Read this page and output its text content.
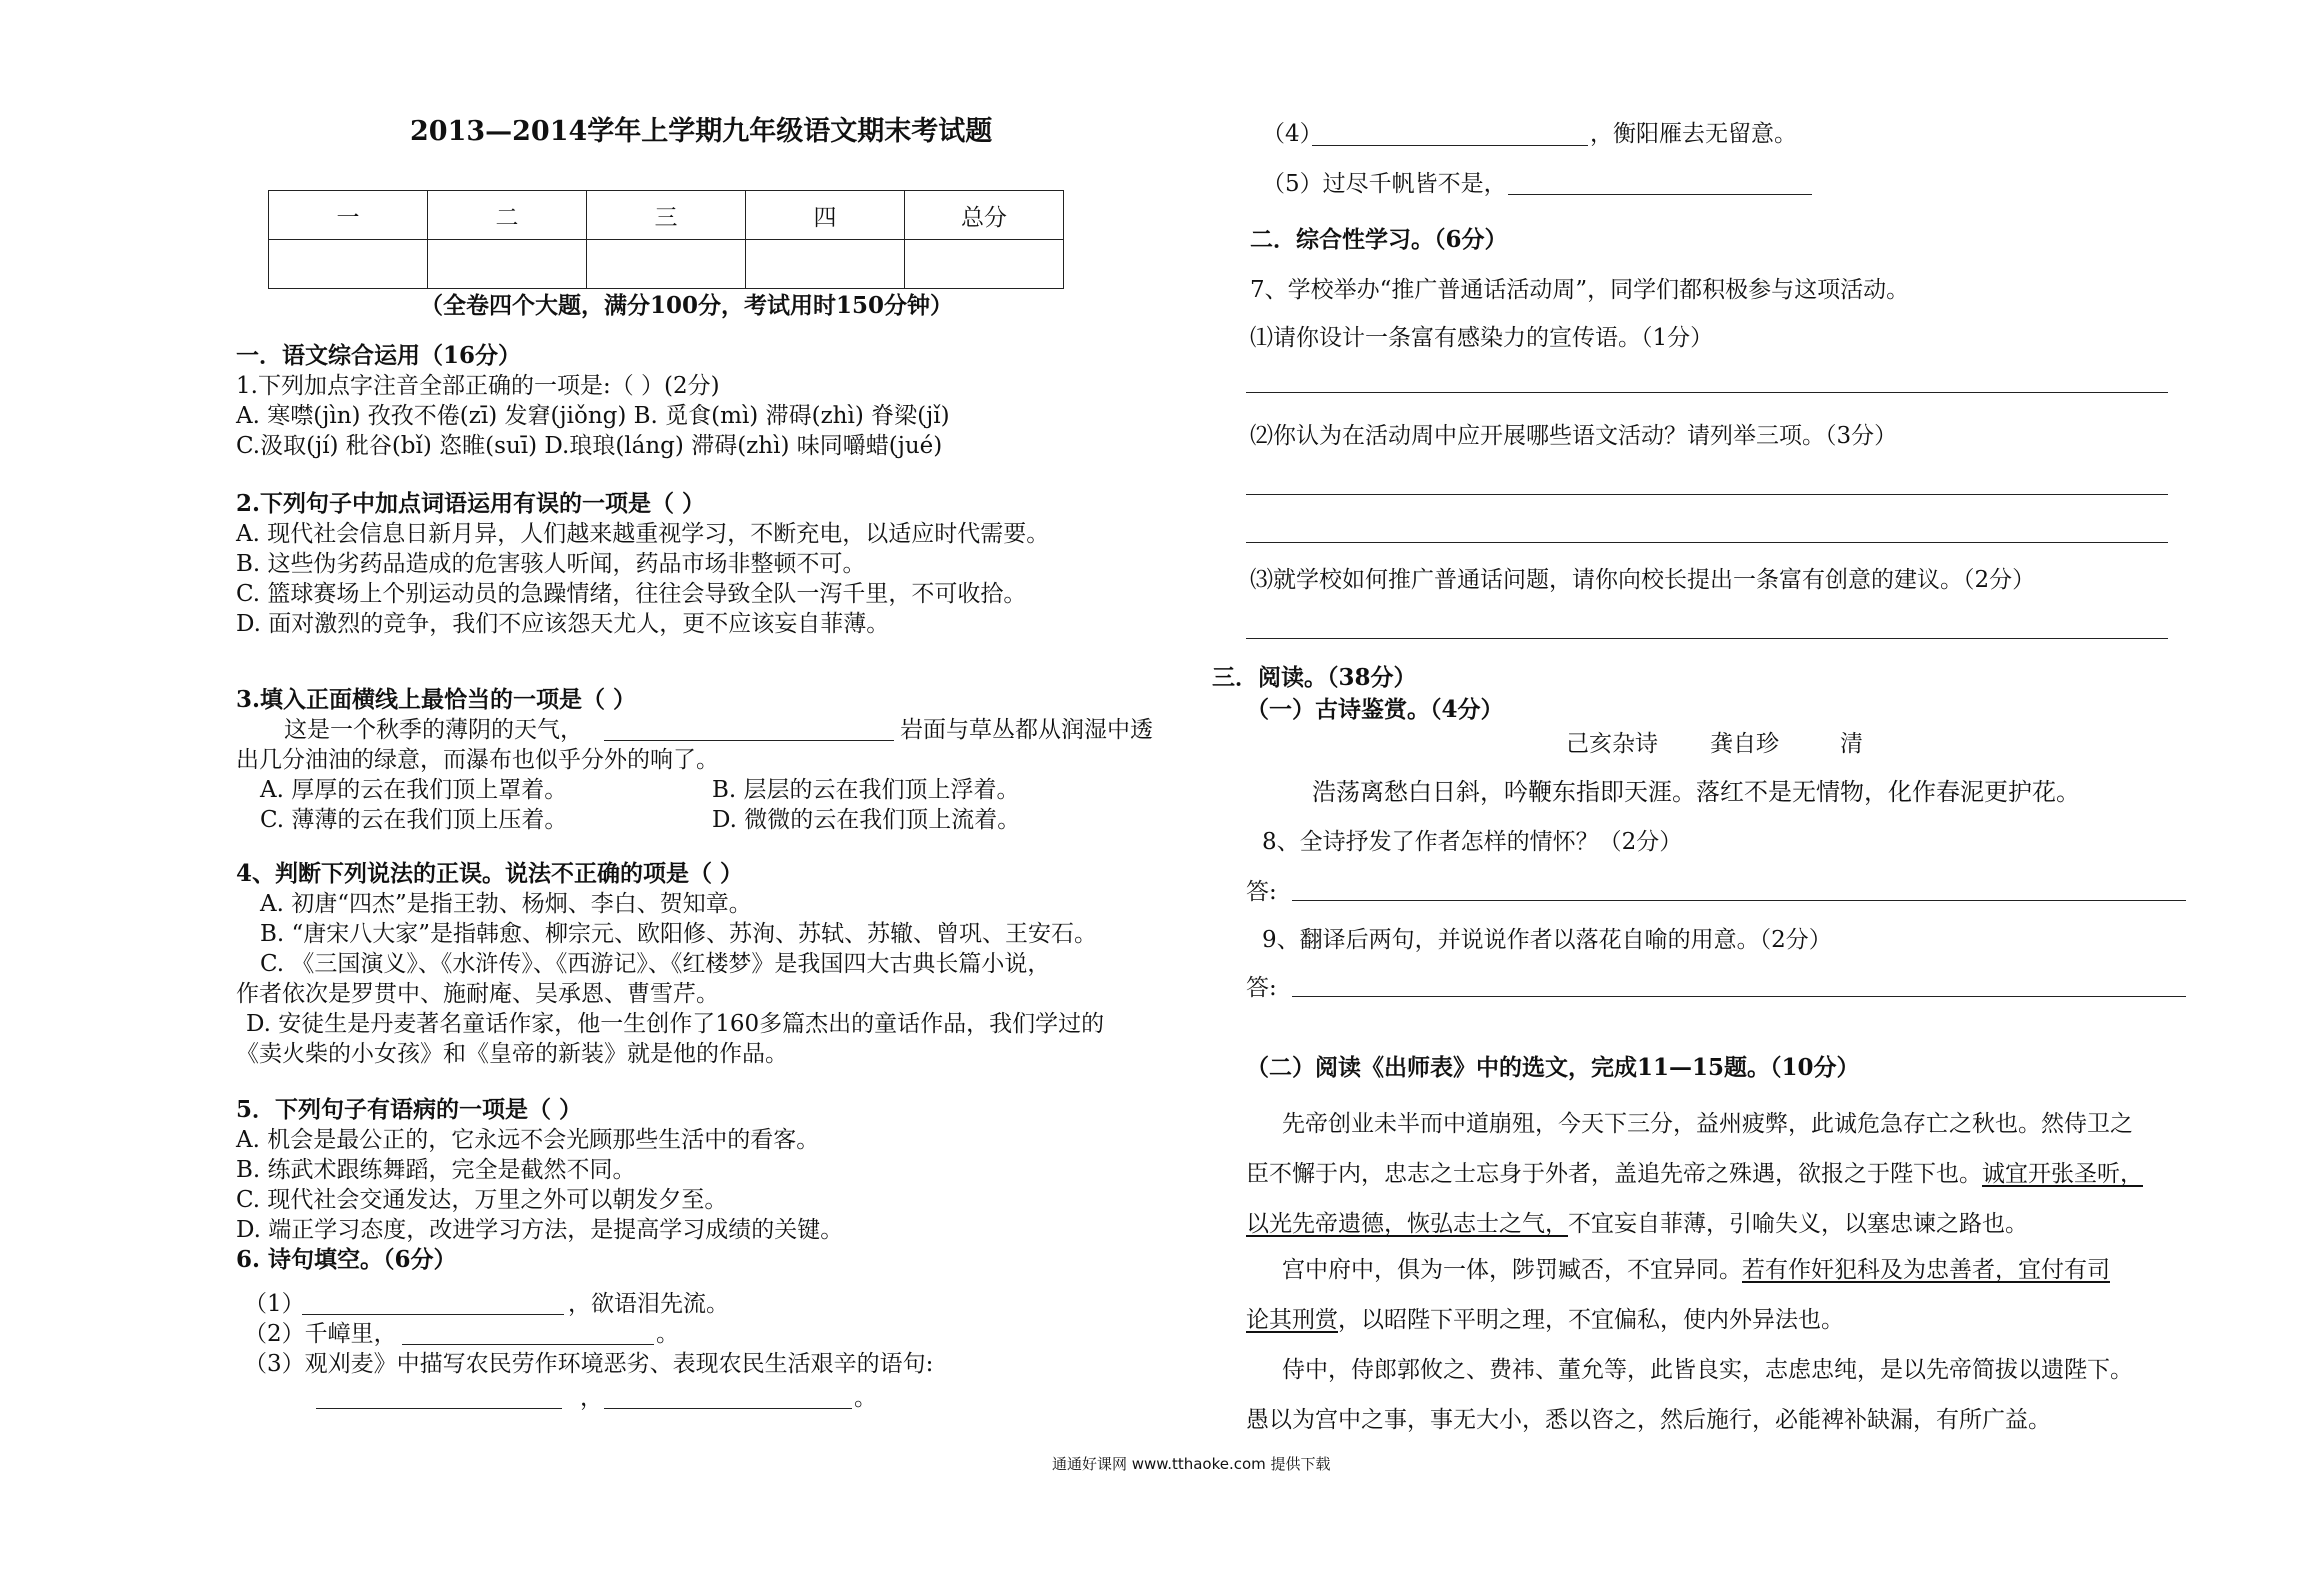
2013—2014学年上学期九年级语文期末考试题
一	二	三	四	总分

（全卷四个大题，满分100分，考试用时150分钟）
一．语文综合运用（16分）
1.下列加点字注音全部正确的一项是:（ ）(2分)
A. 寒噤(jìn) 孜孜不倦(zī) 发窘(jiǒng) B. 觅食(mì) 滞碍(zhì) 脊梁(jǐ)
C.汲取(jí) 秕谷(bǐ) 恣睢(suī) D.琅琅(láng) 滞碍(zhì) 味同嚼蜡(jué)
2.下列句子中加点词语运用有误的一项是（ ）
A. 现代社会信息日新月异，人们越来越重视学习，不断充电，以适应时代需要。
B. 这些伪劣药品造成的危害骇人听闻，药品市场非整顿不可。
C. 篮球赛场上个别运动员的急躁情绪，往往会导致全队一泻千里，不可收拾。
D. 面对激烈的竞争，我们不应该怨天尤人，更不应该妄自菲薄。
3.填入正面横线上最恰当的一项是（ ）
这是一个秋季的薄阴的天气，	岩面与草丛都从润湿中透
出几分油油的绿意，而瀑布也似乎分外的响了。
A. 厚厚的云在我们顶上罩着。	B. 层层的云在我们顶上浮着。
C. 薄薄的云在我们顶上压着。	D. 微微的云在我们顶上流着。
4、判断下列说法的正误。说法不正确的项是（ ）
A. 初唐“四杰”是指王勃、杨炯、李白、贺知章。
B. “唐宋八大家”是指韩愈、柳宗元、欧阳修、苏洵、苏轼、苏辙、曾巩、王安石。
C. 《三国演义》、《水浒传》、《西游记》、《红楼梦》是我国四大古典长篇小说，
作者依次是罗贯中、施耐庵、吴承恩、曹雪芹。
D. 安徒生是丹麦著名童话作家，他一生创作了160多篇杰出的童话作品，我们学过的
《卖火柴的小女孩》和《皇帝的新装》就是他的作品。
5．下列句子有语病的一项是（ ）
A. 机会是最公正的，它永远不会光顾那些生活中的看客。
B. 练武术跟练舞蹈，完全是截然不同。
C. 现代社会交通发达，万里之外可以朝发夕至。
D. 端正学习态度，改进学习方法，是提高学习成绩的关键。
6. 诗句填空。（6分）
（1）	，欲语泪先流。
（2）千嶂里，	。
（3）观刈麦》中描写农民劳作环境恶劣、表现农民生活艰辛的语句:
，	。
（4）	，衡阳雁去无留意。
（5）过尽千帆皆不是，
二．综合性学习。（6分）
7、学校举办“推广普通话活动周”，同学们都积极参与这项活动。
⑴请你设计一条富有感染力的宣传语。（1分）
⑵你认为在活动周中应开展哪些语文活动？请列举三项。（3分）
⑶就学校如何推广普通话问题，请你向校长提出一条富有创意的建议。（2分）
三．阅读。（38分）
（一）古诗鉴赏。（4分）
己亥杂诗 龚自珍	清
浩荡离愁白日斜，吟鞭东指即天涯。落红不是无情物，化作春泥更护花。
8、全诗抒发了作者怎样的情怀？（2分）
答:
9、翻译后两句，并说说作者以落花自喻的用意。（2分）
答:
（二）阅读《出师表》中的选文，完成11—15题。（10分）
先帝创业未半而中道崩殂，今天下三分，益州疲弊，此诚危急存亡之秋也。然侍卫之
臣不懈于内，忠志之士忘身于外者，盖追先帝之殊遇，欲报之于陛下也。诚宜开张圣听，
以光先帝遗德，恢弘志士之气，不宜妄自菲薄，引喻失义，以塞忠谏之路也。
宫中府中，俱为一体，陟罚臧否，不宜异同。若有作奸犯科及为忠善者，宜付有司
论其刑赏，以昭陛下平明之理，不宜偏私，使内外异法也。
侍中，侍郎郭攸之、费祎、董允等，此皆良实，志虑忠纯，是以先帝简拔以遗陛下。
愚以为宫中之事，事无大小，悉以咨之，然后施行，必能裨补缺漏，有所广益。
通通好课网 www.tthaoke.com 提供下载
